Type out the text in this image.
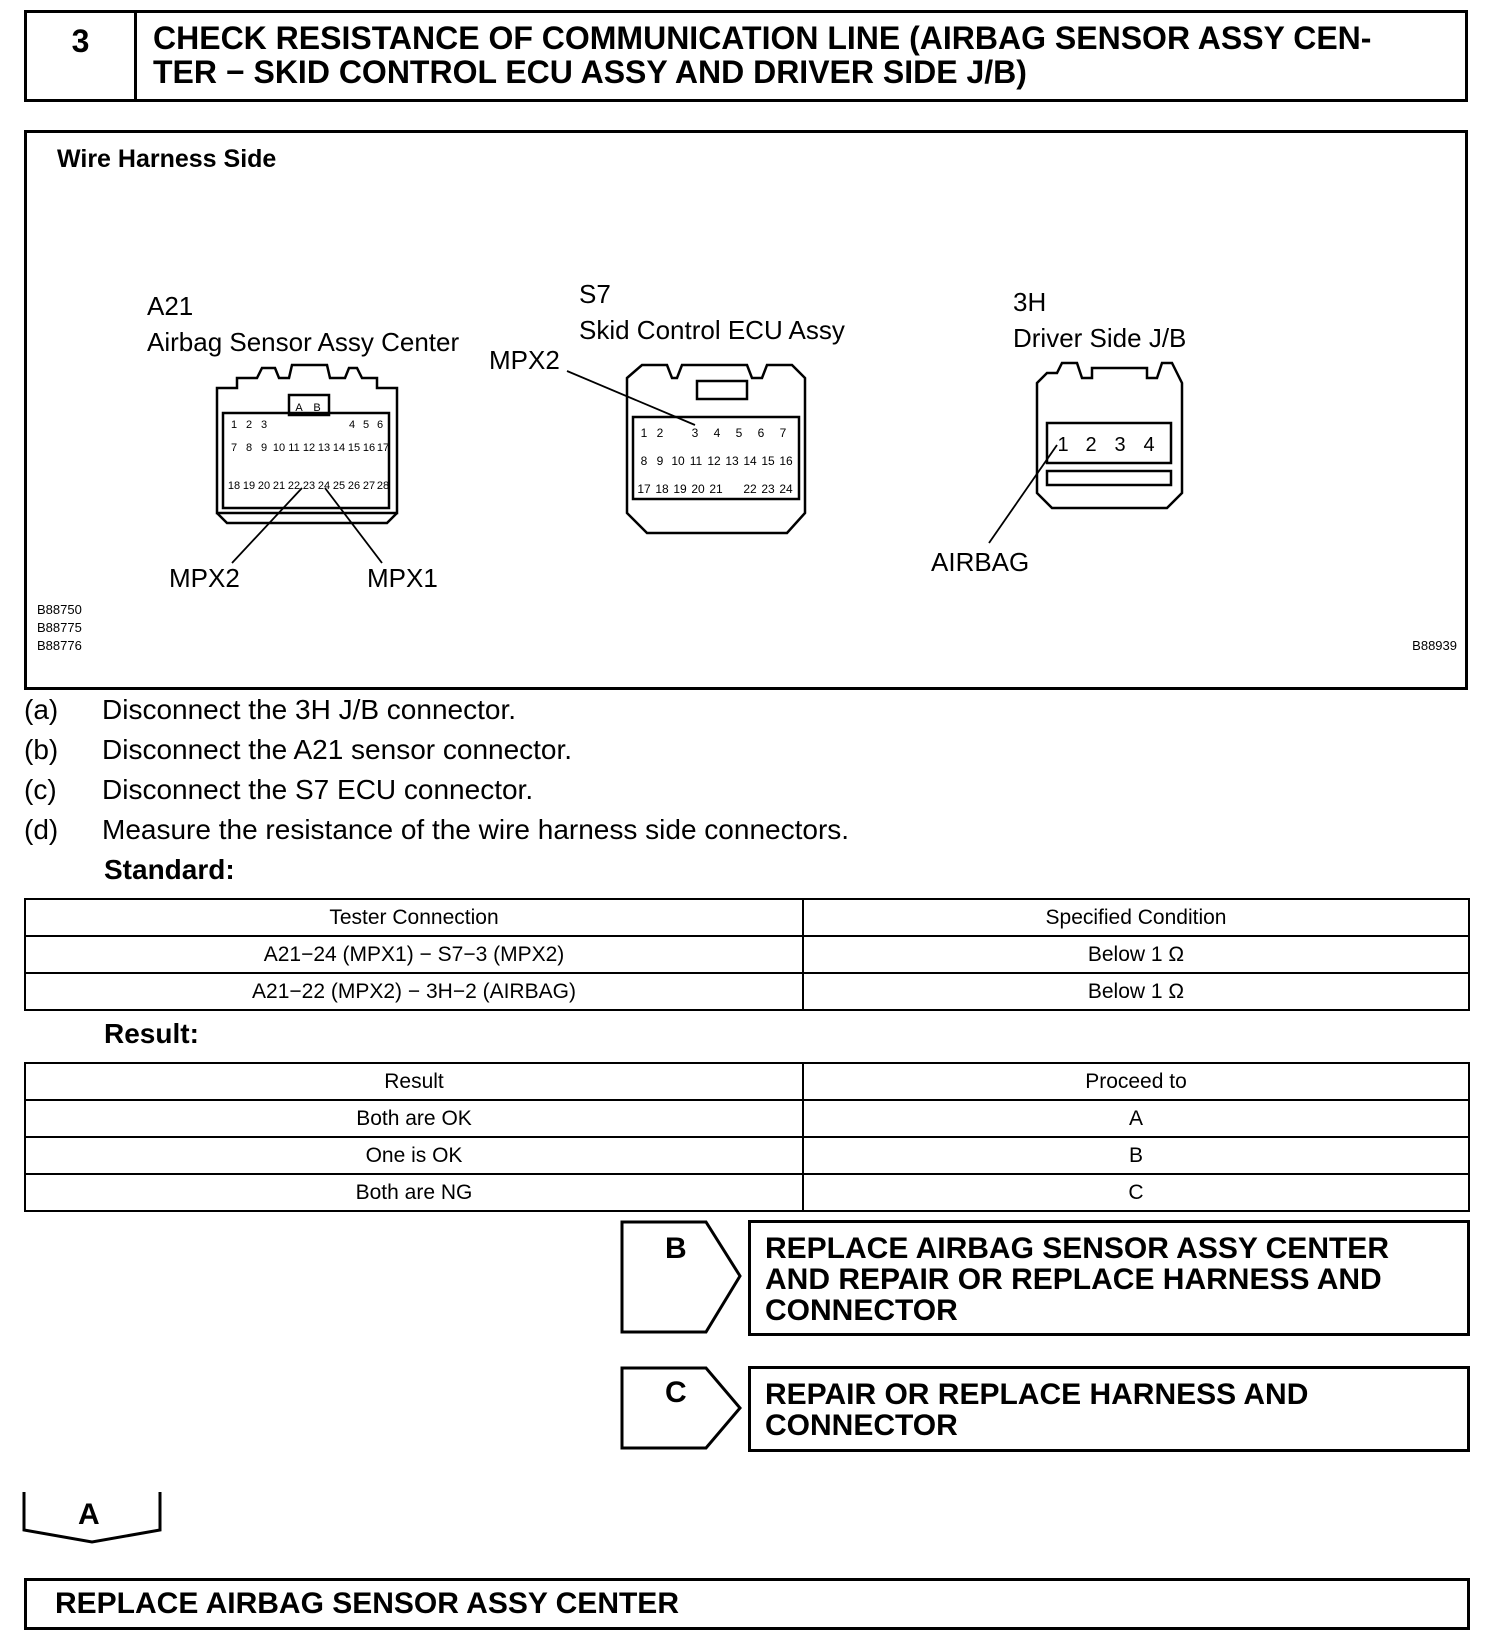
3	CHECK RESISTANCE OF COMMUNICATION LINE (AIRBAG SENSOR ASSY CEN-
TER − SKID CONTROL ECU ASSY AND DRIVER SIDE J/B)
Wire Harness Side
A21
Airbag Sensor Assy Center
MPX2	MPX1
S7
Skid Control ECU Assy
MPX2
3H
Driver Side J/B
AIRBAG
B88750
B88775
B88776	B88939
A B
1 2 3	4 5 6
7 8 9 10 11 12 13 14 15 16 17
18 19 20 21 22 23 24 25 26 27 28
1 2 3 4 5 6 7
8 9 10 11 12 13 14 15 16
17 18 19 20 21 22 23 24
1 2 3 4
(a) Disconnect the 3H J/B connector.
(b) Disconnect the A21 sensor connector.
(c) Disconnect the S7 ECU connector.
(d) Measure the resistance of the wire harness side connectors.
Standard:
Tester Connection	Specified Condition
A21−24 (MPX1) − S7−3 (MPX2)	Below 1 Ω
A21−22 (MPX2) − 3H−2 (AIRBAG)	Below 1 Ω
Result:
Result	Proceed to
Both are OK	A
One is OK	B
Both are NG	C
B	REPLACE AIRBAG SENSOR ASSY CENTER
AND REPAIR OR REPLACE HARNESS AND
CONNECTOR
C	REPAIR OR REPLACE HARNESS AND
CONNECTOR
A
REPLACE AIRBAG SENSOR ASSY CENTER
